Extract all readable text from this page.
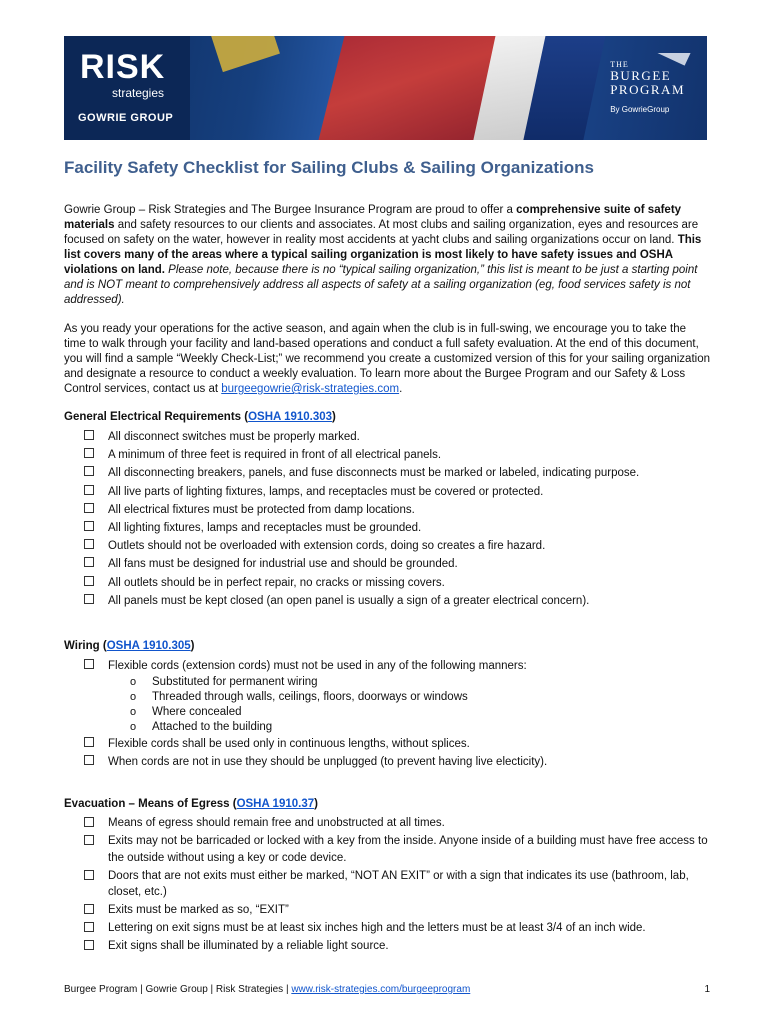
RISK
strategies
GOWRIE GROUP
THE
BURGEE
PROGRAM
By GowrieGroup
Facility Safety Checklist for Sailing Clubs & Sailing Organizations

Gowrie Group – Risk Strategies and The Burgee Insurance Program are proud to offer a comprehensive suite of safety materials and safety resources to our clients and associates. At most clubs and sailing organization, eyes and resources are focused on safety on the water, however in reality most accidents at yacht clubs and sailing organizations occur on land. This list covers many of the areas where a typical sailing organization is most likely to have safety issues and OSHA violations on land. Please note, because there is no “typical sailing organization,” this list is meant to be just a starting point and is NOT meant to comprehensively address all aspects of safety at a sailing organization (eg, food services safety is not addressed).

As you ready your operations for the active season, and again when the club is in full-swing, we encourage you to take the time to walk through your facility and land-based operations and conduct a full safety evaluation. At the end of this document, you will find a sample “Weekly Check-List;” we recommend you create a customized version of this for your sailing organization and designate a resource to conduct a weekly evaluation. To learn more about the Burgee Program and our Safety & Loss Control services, contact us at burgeegowrie@risk-strategies.com.

General Electrical Requirements (OSHA 1910.303)

All disconnect switches must be properly marked.
A minimum of three feet is required in front of all electrical panels.
All disconnecting breakers, panels, and fuse disconnects must be marked or labeled, indicating purpose.
All live parts of lighting fixtures, lamps, and receptacles must be covered or protected.
All electrical fixtures must be protected from damp locations.
All lighting fixtures, lamps and receptacles must be grounded.
Outlets should not be overloaded with extension cords, doing so creates a fire hazard.
All fans must be designed for industrial use and should be grounded.
All outlets should be in perfect repair, no cracks or missing covers.
All panels must be kept closed (an open panel is usually a sign of a greater electrical concern).

Wiring (OSHA 1910.305)

Flexible cords (extension cords) must not be used in any of the following manners:
o Substituted for permanent wiring
o Threaded through walls, ceilings, floors, doorways or windows
o Where concealed
o Attached to the building
Flexible cords shall be used only in continuous lengths, without splices.
When cords are not in use they should be unplugged (to prevent having live electicity).

Evacuation – Means of Egress (OSHA 1910.37)

Means of egress should remain free and unobstructed at all times.
Exits may not be barricaded or locked with a key from the inside. Anyone inside of a building must have free access to the outside without using a key or code device.
Doors that are not exits must either be marked, “NOT AN EXIT” or with a sign that indicates its use (bathroom, lab, closet, etc.)
Exits must be marked as so, “EXIT”
Lettering on exit signs must be at least six inches high and the letters must be at least 3/4 of an inch wide.
Exit signs shall be illuminated by a reliable light source.
Burgee Program | Gowrie Group | Risk Strategies | www.risk-strategies.com/burgeeprogram	1
